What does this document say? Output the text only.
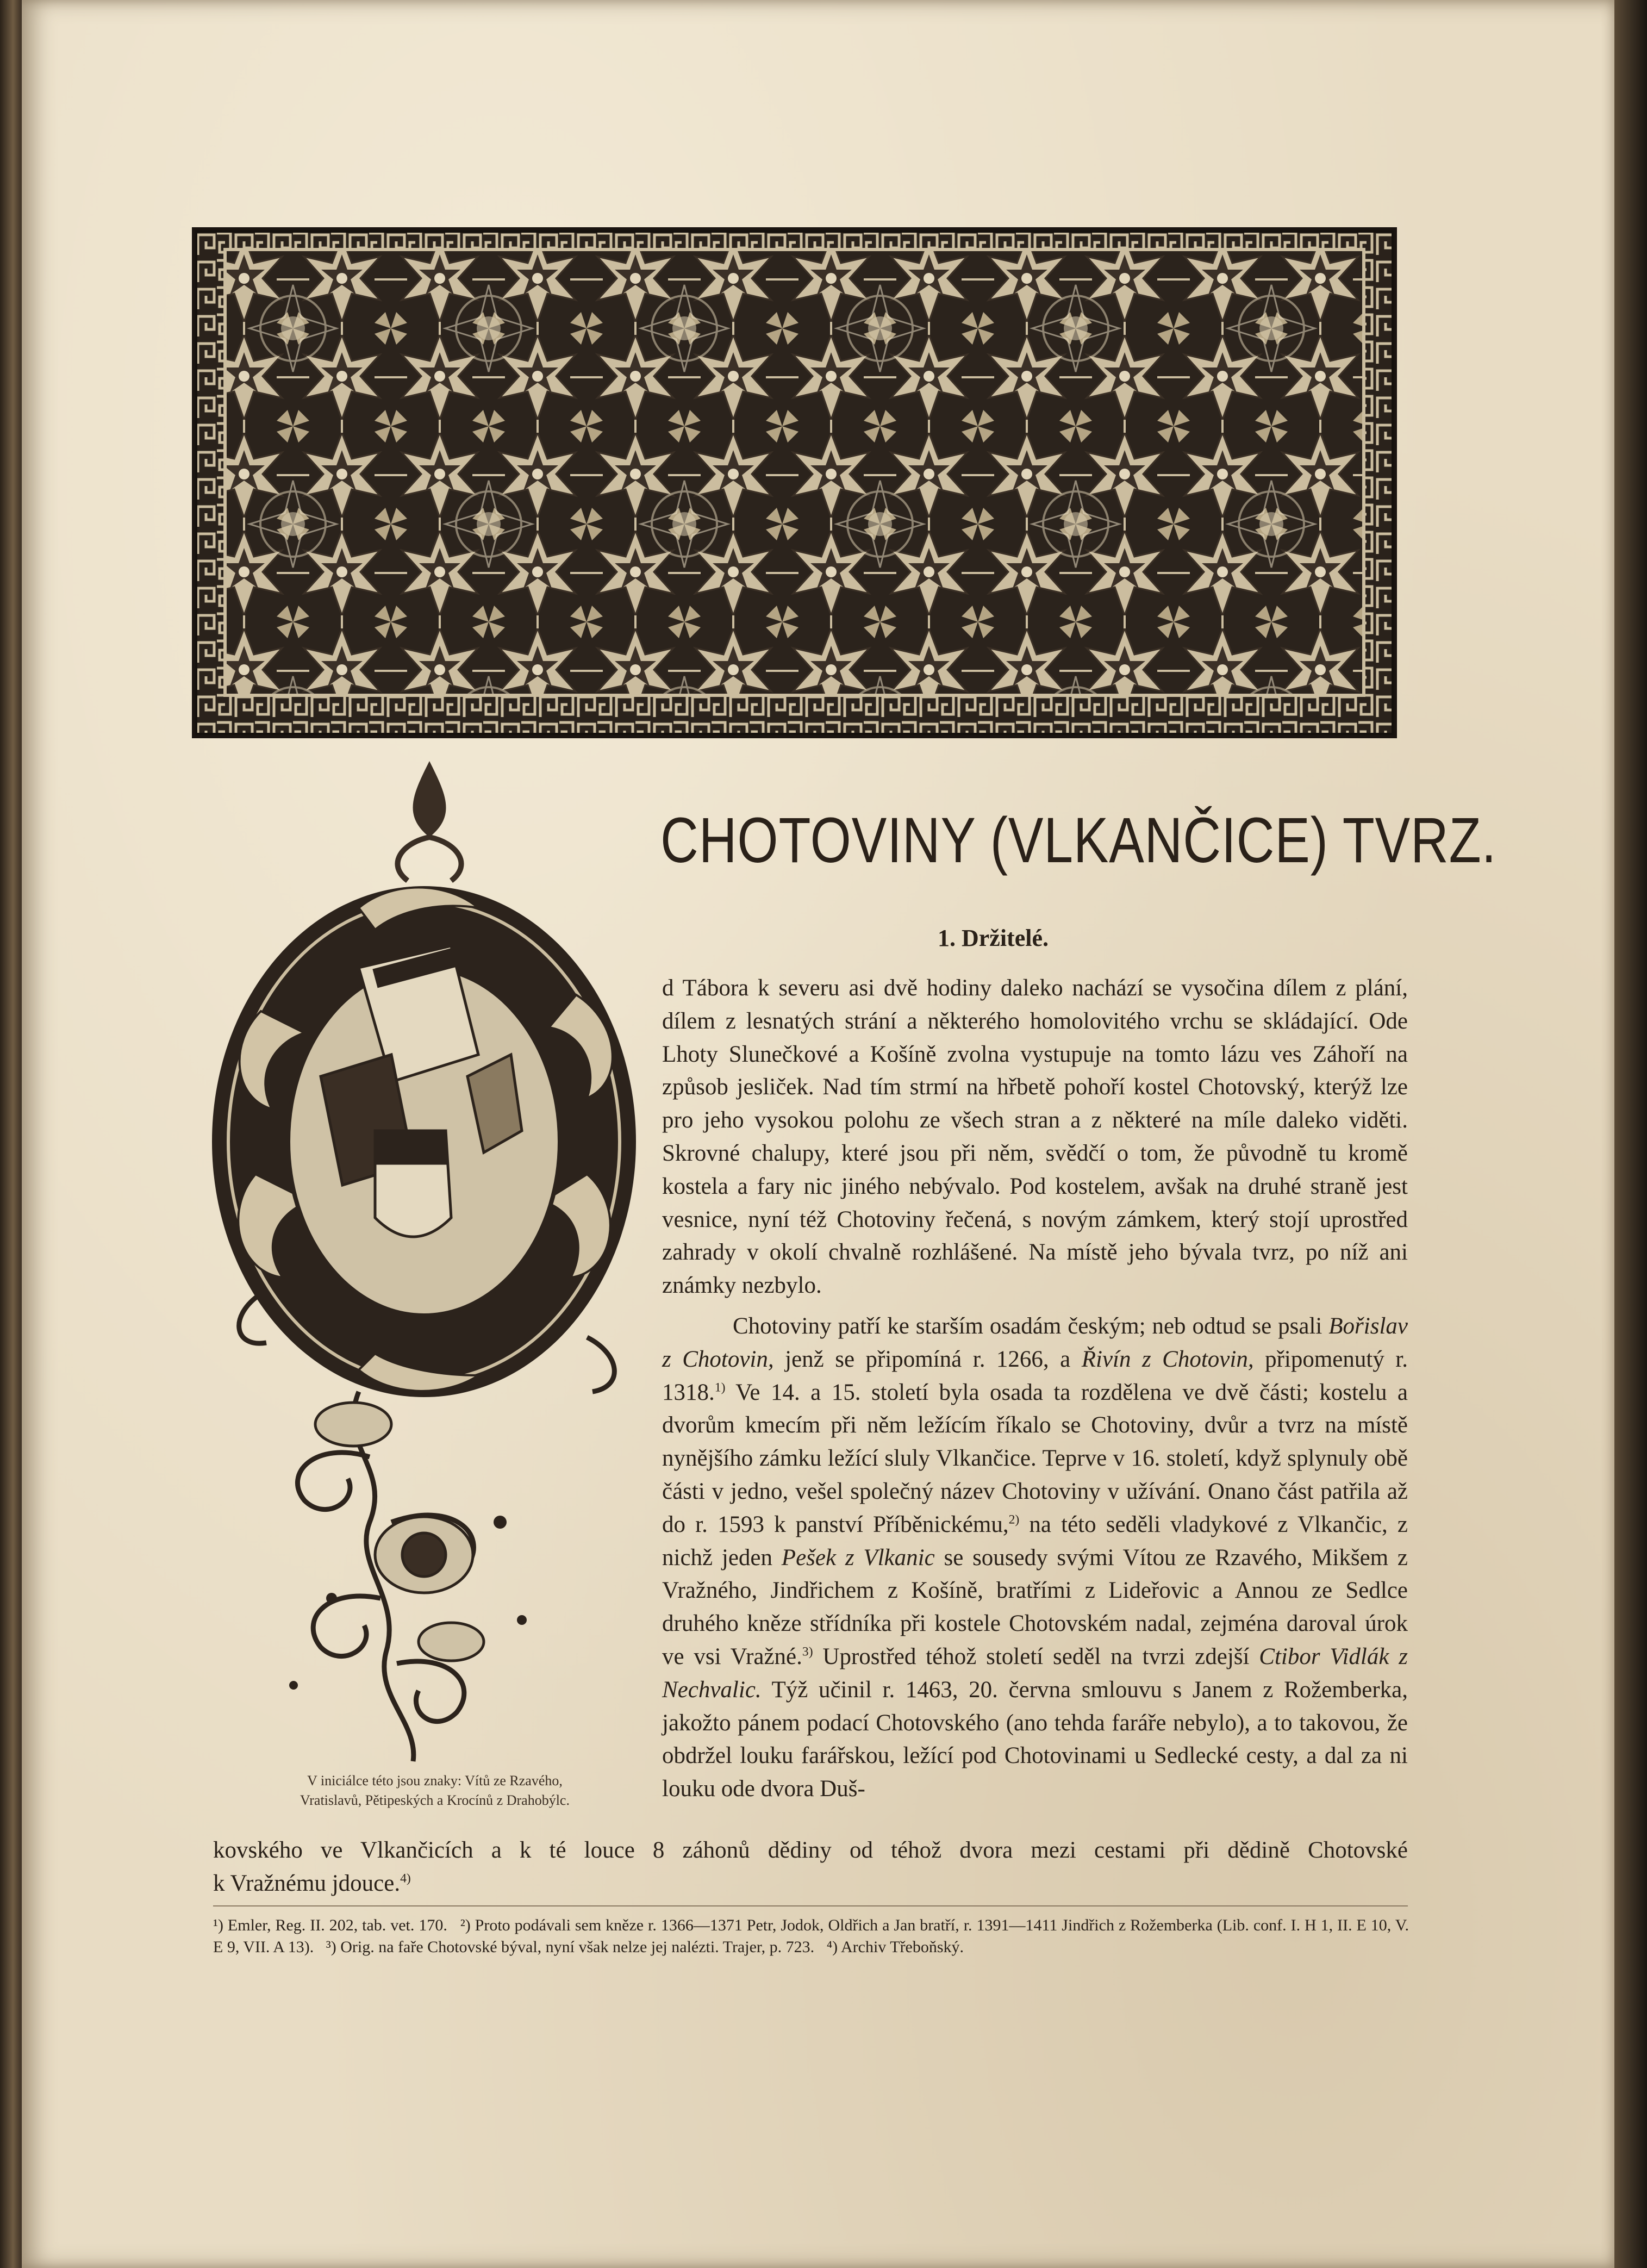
V iniciálce této jsou znaky: Vítů ze Rzavého,
Vratislavů, Pětipeských a Krocínů z Drahobýlc.
CHOTOVINY (VLKANČICE) TVRZ.
1. Držitelé.
d Tábora k severu asi dvě hodiny daleko nachází se vysočina dílem z plání, dílem z lesnatých strání a některého homolovitého vrchu se skládající. Ode Lhoty Slunečkové a Košíně zvolna vystupuje na tomto lázu ves Záhoří na způsob jesliček. Nad tím strmí na hřbetě pohoří kostel Chotovský, kterýž lze pro jeho vysokou polohu ze všech stran a z některé na míle daleko viděti. Skrovné chalupy, které jsou při něm, svědčí o tom, že původně tu kromě kostela a fary nic jiného nebývalo. Pod kostelem, avšak na druhé straně jest vesnice, nyní též Chotoviny řečená, s novým zámkem, který stojí uprostřed zahrady v okolí chvalně rozhlášené. Na místě jeho bývala tvrz, po níž ani známky nezbylo.
Chotoviny patří ke starším osadám českým; neb odtud se psali Bořislav z Chotovin, jenž se připomíná r. 1266, a Řivín z Chotovin, připomenutý r. 1318.$^{1)}$ Ve 14. a 15. století byla osada ta rozdělena ve dvě části; kostelu a dvorům kmecím při něm ležícím říkalo se Chotoviny, dvůr a tvrz na místě nynějšího zámku ležící sluly Vlkančice. Teprve v 16. století, když splynuly obě části v jedno, vešel společný název Chotoviny v užívání. Onano část patřila až do r. 1593 k panství Příběnickému,$^{2)}$ na této seděli vladykové z Vlkančic, z nichž jeden Pešek z Vlkanic se sousedy svými Vítou ze Rzavého, Mikšem z Vražného, Jindřichem z Košíně, bratřími z Lideřovic a Annou ze Sedlce druhého kněze střídníka při kostele Chotovském nadal, zejména daroval úrok ve vsi Vražné.$^{3)}$ Uprostřed téhož století seděl na tvrzi zdejší Ctibor Vidlák z Nechvalic. Týž učinil r. 1463, 20. června smlouvu s Janem z Rožemberka, jakožto pánem podací Chotovského (ano tehda faráře nebylo), a to takovou, že obdržel louku farářskou, ležící pod Chotovinami u Sedlecké cesty, a dal za ni louku ode dvora Duš-
kovského ve Vlkančicích a k té louce 8 záhonů dědiny od téhož dvora mezi cestami při dědině Chotovské
k Vražnému jdouce.$^{4)}$
¹) Emler, Reg. II. 202, tab. vet. 170. ²) Proto podávali sem kněze r. 1366—1371 Petr, Jodok, Oldřich a Jan bratří, r. 1391—1411 Jindřich z Rožemberka (Lib. conf. I. H 1, II. E 10, V. E 9, VII. A 13). ³) Orig. na faře Chotovské býval, nyní však nelze jej nalézti. Trajer, p. 723. ⁴) Archiv Třeboňský.
